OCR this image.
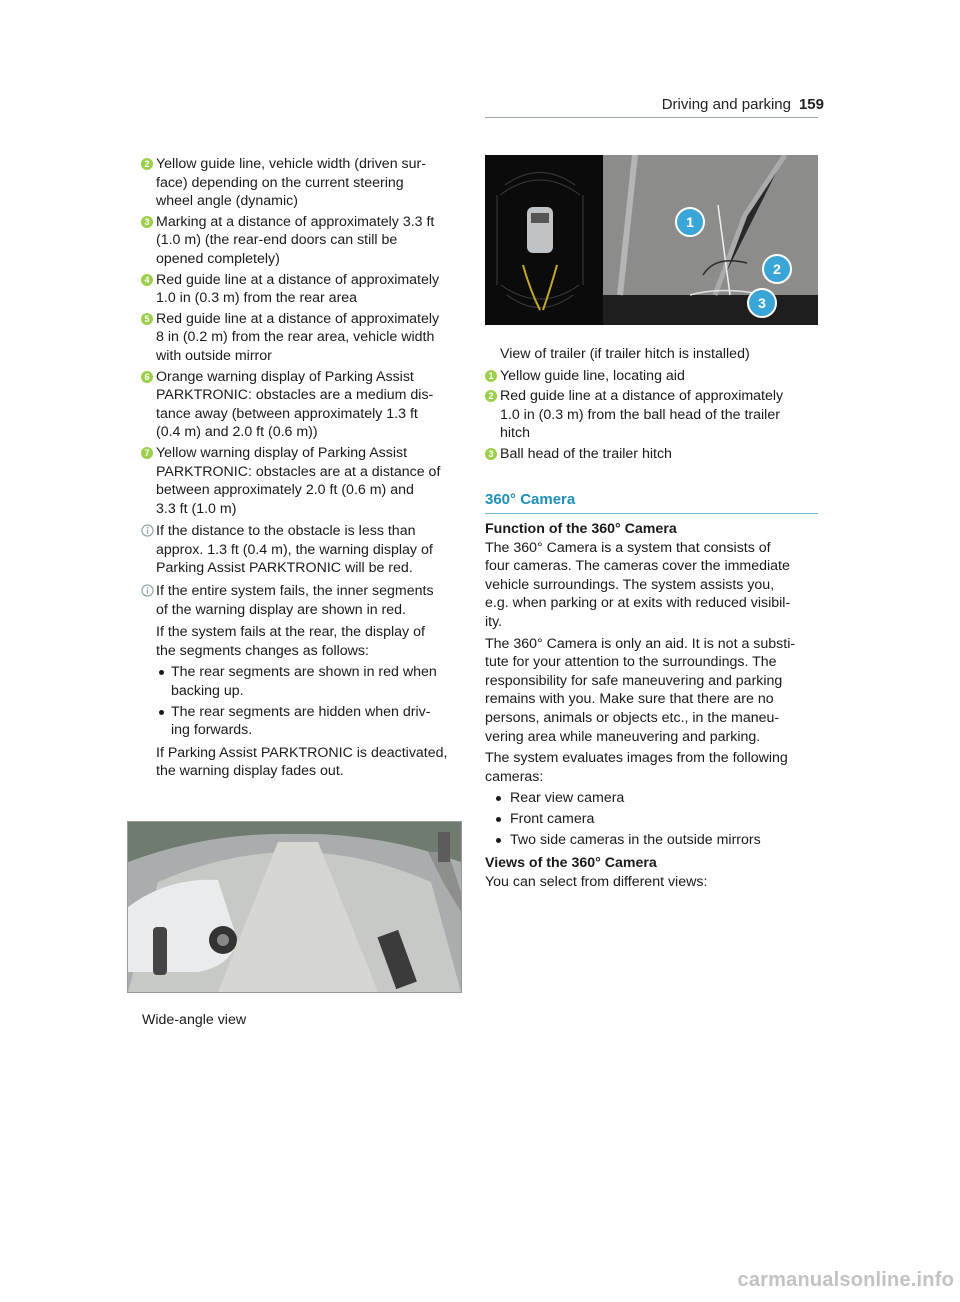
Driving and parking 159
2 Yellow guide line, vehicle width (driven sur-
face) depending on the current steering
wheel angle (dynamic)
3 Marking at a distance of approximately 3.3 ft
(1.0 m) (the rear-end doors can still be
opened completely)
4 Red guide line at a distance of approximately
1.0 in (0.3 m) from the rear area
5 Red guide line at a distance of approximately
8 in (0.2 m) from the rear area, vehicle width
with outside mirror
6 Orange warning display of Parking Assist
PARKTRONIC: obstacles are a medium dis-
tance away (between approximately 1.3 ft
(0.4 m) and 2.0 ft (0.6 m))
7 Yellow warning display of Parking Assist
PARKTRONIC: obstacles are at a distance of
between approximately 2.0 ft (0.6 m) and
3.3 ft (1.0 m)
If the distance to the obstacle is less than
approx. 1.3 ft (0.4 m), the warning display of
Parking Assist PARKTRONIC will be red.
If the entire system fails, the inner segments
of the warning display are shown in red.
If the system fails at the rear, the display of
the segments changes as follows:
The rear segments are shown in red when
backing up.
The rear segments are hidden when driv-
ing forwards.
If Parking Assist PARKTRONIC is deactivated,
the warning display fades out.
Wide-angle view
1
2
3
View of trailer (if trailer hitch is installed)
1 Yellow guide line, locating aid
2 Red guide line at a distance of approximately
1.0 in (0.3 m) from the ball head of the trailer
hitch
3 Ball head of the trailer hitch
360° Camera
Function of the 360° Camera
The 360° Camera is a system that consists of
four cameras. The cameras cover the immediate
vehicle surroundings. The system assists you,
e.g. when parking or at exits with reduced visibil-
ity.
The 360° Camera is only an aid. It is not a substi-
tute for your attention to the surroundings. The
responsibility for safe maneuvering and parking
remains with you. Make sure that there are no
persons, animals or objects etc., in the maneu-
vering area while maneuvering and parking.
The system evaluates images from the following
cameras:
Rear view camera
Front camera
Two side cameras in the outside mirrors
Views of the 360° Camera
You can select from different views:
carmanualsonline.info
